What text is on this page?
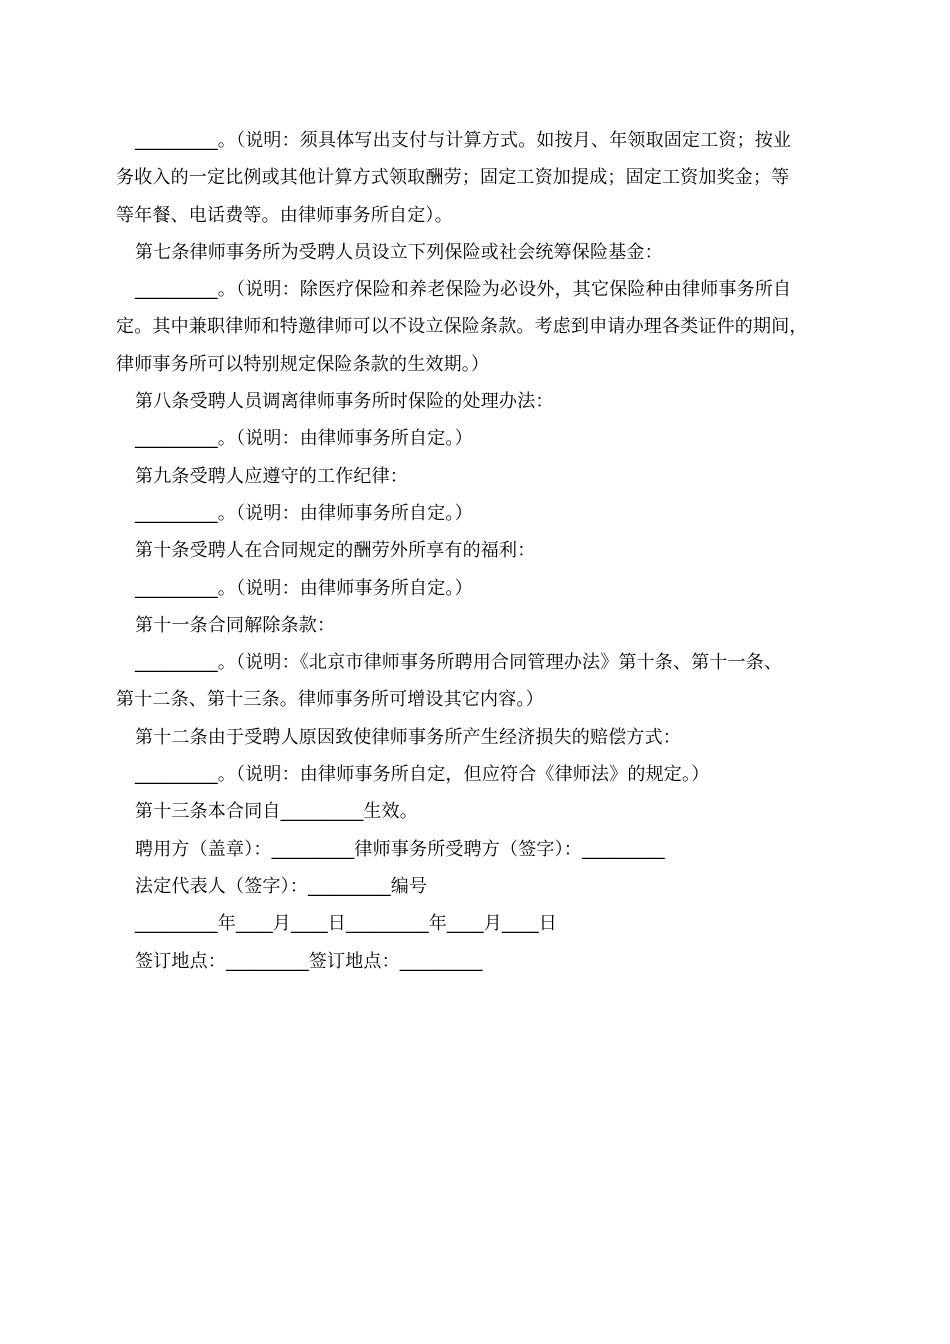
_________。（说明：须具体写出支付与计算方式。如按月、年领取固定工资；按业
务收入的一定比例或其他计算方式领取酬劳；固定工资加提成；固定工资加奖金；等
等年餐、电话费等。由律师事务所自定）。
第七条律师事务所为受聘人员设立下列保险或社会统筹保险基金：
_________。（说明：除医疗保险和养老保险为必设外，其它保险种由律师事务所自
定。其中兼职律师和特邀律师可以不设立保险条款。考虑到申请办理各类证件的期间，
律师事务所可以特别规定保险条款的生效期。）
第八条受聘人员调离律师事务所时保险的处理办法：
_________。（说明：由律师事务所自定。）
第九条受聘人应遵守的工作纪律：
_________。（说明：由律师事务所自定。）
第十条受聘人在合同规定的酬劳外所享有的福利：
_________。（说明：由律师事务所自定。）
第十一条合同解除条款：
_________。（说明：《北京市律师事务所聘用合同管理办法》第十条、第十一条、
第十二条、第十三条。律师事务所可增设其它内容。）
第十二条由于受聘人原因致使律师事务所产生经济损失的赔偿方式：
_________。（说明：由律师事务所自定，但应符合《律师法》的规定。）
第十三条本合同自_________生效。
聘用方（盖章）：_________律师事务所受聘方（签字）：_________
法定代表人（签字）：_________编号
_________年____月____日_________年____月____日
签订地点：_________签订地点：_________
